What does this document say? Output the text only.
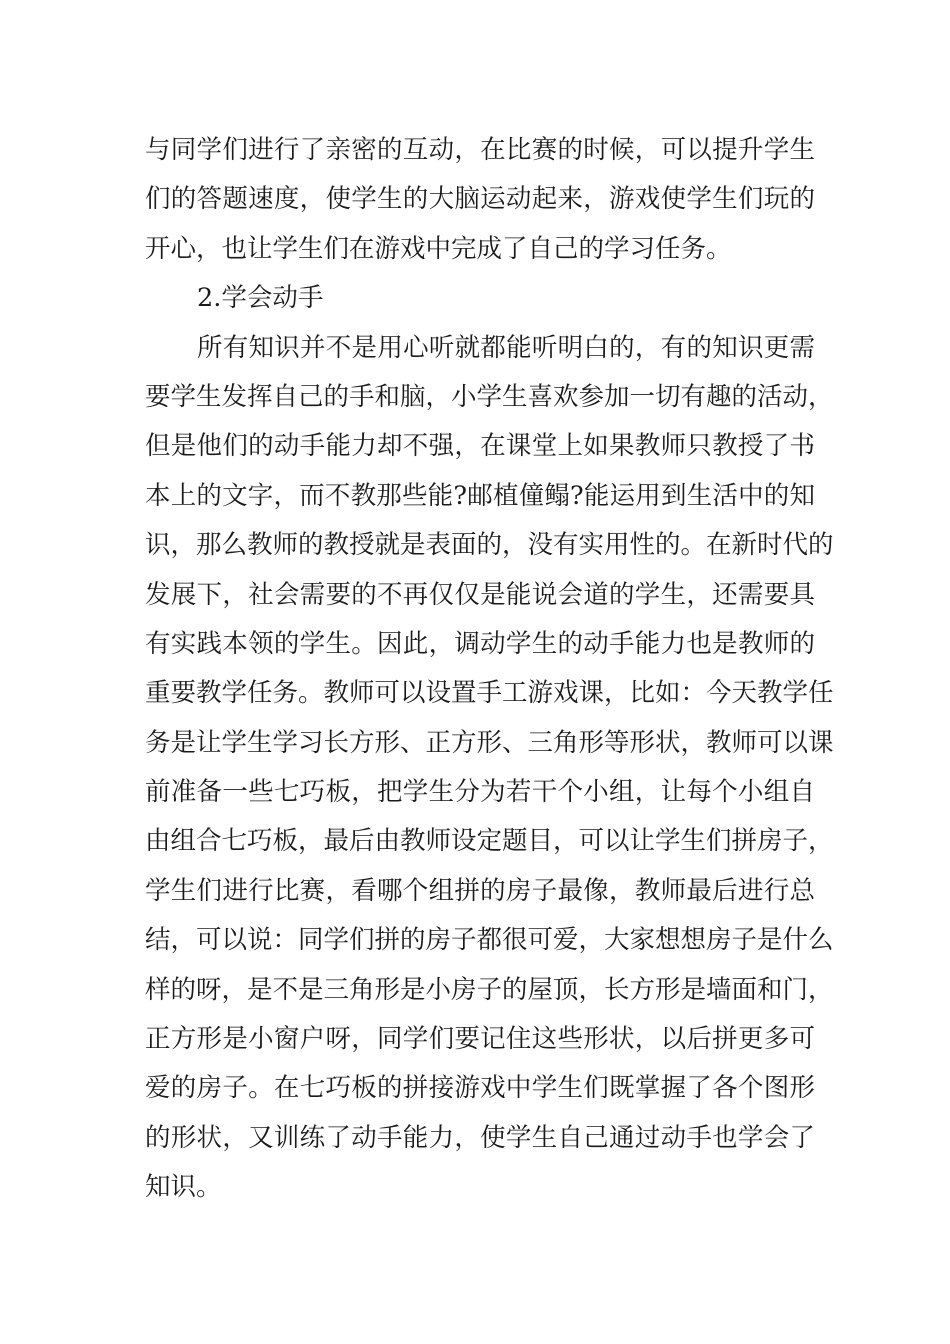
与同学们进行了亲密的互动，在比赛的时候，可以提升学生
们的答题速度，使学生的大脑运动起来，游戏使学生们玩的
开心，也让学生们在游戏中完成了自己的学习任务。
2.学会动手
所有知识并不是用心听就都能听明白的，有的知识更需
要学生发挥自己的手和脑，小学生喜欢参加一切有趣的活动，
但是他们的动手能力却不强，在课堂上如果教师只教授了书
本上的文字，而不教那些能?邮植僮鳎?能运用到生活中的知
识，那么教师的教授就是表面的，没有实用性的。在新时代的
发展下，社会需要的不再仅仅是能说会道的学生，还需要具
有实践本领的学生。因此，调动学生的动手能力也是教师的
重要教学任务。教师可以设置手工游戏课，比如：今天教学任
务是让学生学习长方形、正方形、三角形等形状，教师可以课
前准备一些七巧板，把学生分为若干个小组，让每个小组自
由组合七巧板，最后由教师设定题目，可以让学生们拼房子，
学生们进行比赛，看哪个组拼的房子最像，教师最后进行总
结，可以说：同学们拼的房子都很可爱，大家想想房子是什么
样的呀，是不是三角形是小房子的屋顶，长方形是墙面和门，
正方形是小窗户呀，同学们要记住这些形状，以后拼更多可
爱的房子。在七巧板的拼接游戏中学生们既掌握了各个图形
的形状，又训练了动手能力，使学生自己通过动手也学会了
知识。
